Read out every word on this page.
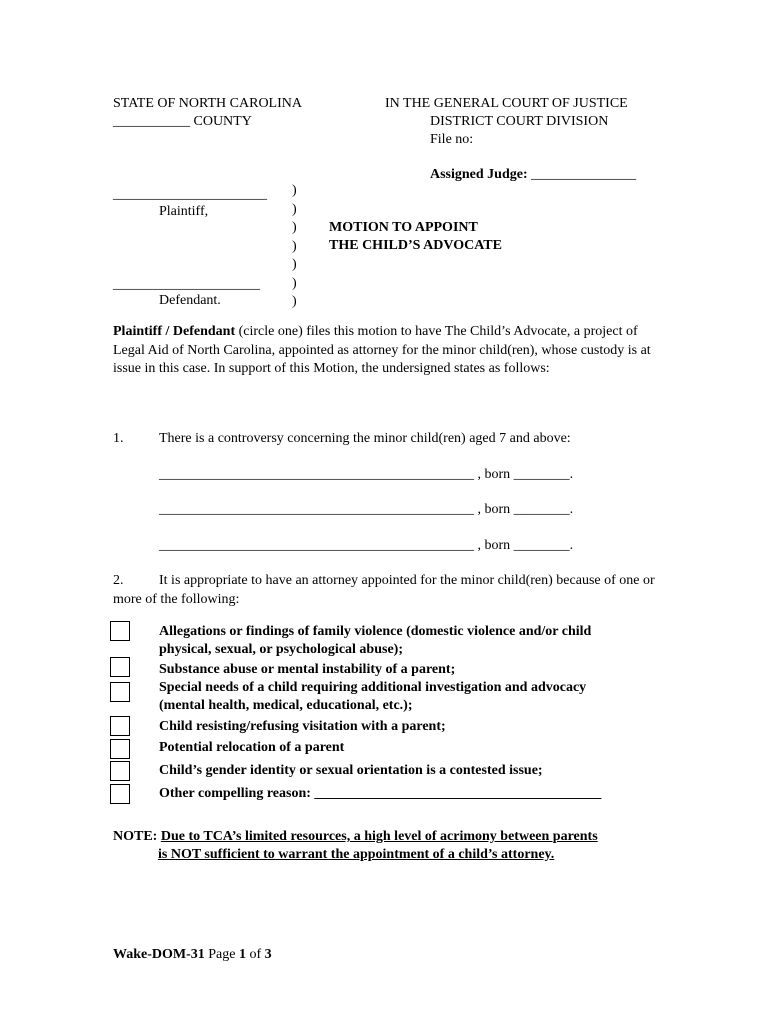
STATE OF NORTH CAROLINA
___________ COUNTY
IN THE GENERAL COURT OF JUSTICE
DISTRICT COURT DIVISION
File no:
Assigned Judge: _______________
______________________
Plaintiff,
_____________________
Defendant.
)
)
)
)
)
)
)
MOTION TO APPOINT
THE CHILD’S ADVOCATE
Plaintiff / Defendant (circle one) files this motion to have The Child’s Advocate, a project of Legal Aid of North Carolina, appointed as attorney for the minor child(ren), whose custody is at issue in this case. In support of this Motion, the undersigned states as follows:
1.	There is a controversy concerning the minor child(ren) aged 7 and above:
_____________________________________________ , born ________.
_____________________________________________ , born ________.
_____________________________________________ , born ________.
2.	It is appropriate to have an attorney appointed for the minor child(ren) because of one or more of the following:
Allegations or findings of family violence (domestic violence and/or child
physical, sexual, or psychological abuse);
Substance abuse or mental instability of a parent;
Special needs of a child requiring additional investigation and advocacy
(mental health, medical, educational, etc.);
Child resisting/refusing visitation with a parent;
Potential relocation of a parent
Child’s gender identity or sexual orientation is a contested issue;
Other compelling reason: _________________________________________
NOTE: Due to TCA’s limited resources, a high level of acrimony between parents
is NOT sufficient to warrant the appointment of a child’s attorney.
Wake-DOM-31 Page 1 of 3
